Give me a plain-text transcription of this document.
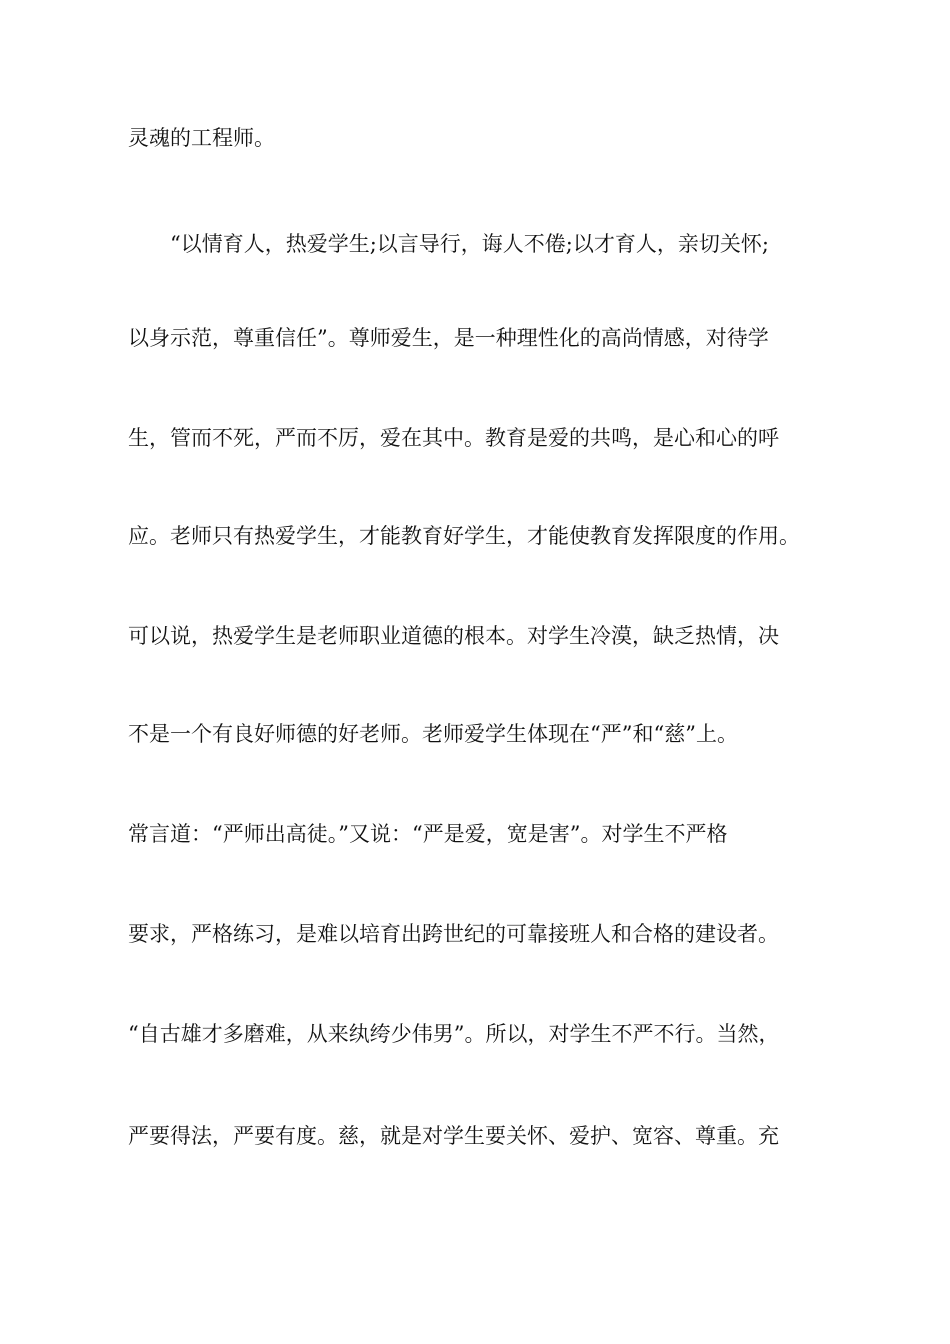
灵魂的工程师。
“以情育人，热爱学生;以言导行，诲人不倦;以才育人，亲切关怀;
以身示范，尊重信任”。尊师爱生，是一种理性化的高尚情感，对待学
生，管而不死，严而不厉，爱在其中。教育是爱的共鸣，是心和心的呼
应。老师只有热爱学生，才能教育好学生，才能使教育发挥限度的作用。
可以说，热爱学生是老师职业道德的根本。对学生冷漠，缺乏热情，决
不是一个有良好师德的好老师。老师爱学生体现在“严”和“慈”上。
常言道：“严师出高徒。”又说：“严是爱，宽是害”。对学生不严格
要求，严格练习，是难以培育出跨世纪的可靠接班人和合格的建设者。
“自古雄才多磨难，从来纨绔少伟男”。所以，对学生不严不行。当然，
严要得法，严要有度。慈，就是对学生要关怀、爱护、宽容、尊重。充
